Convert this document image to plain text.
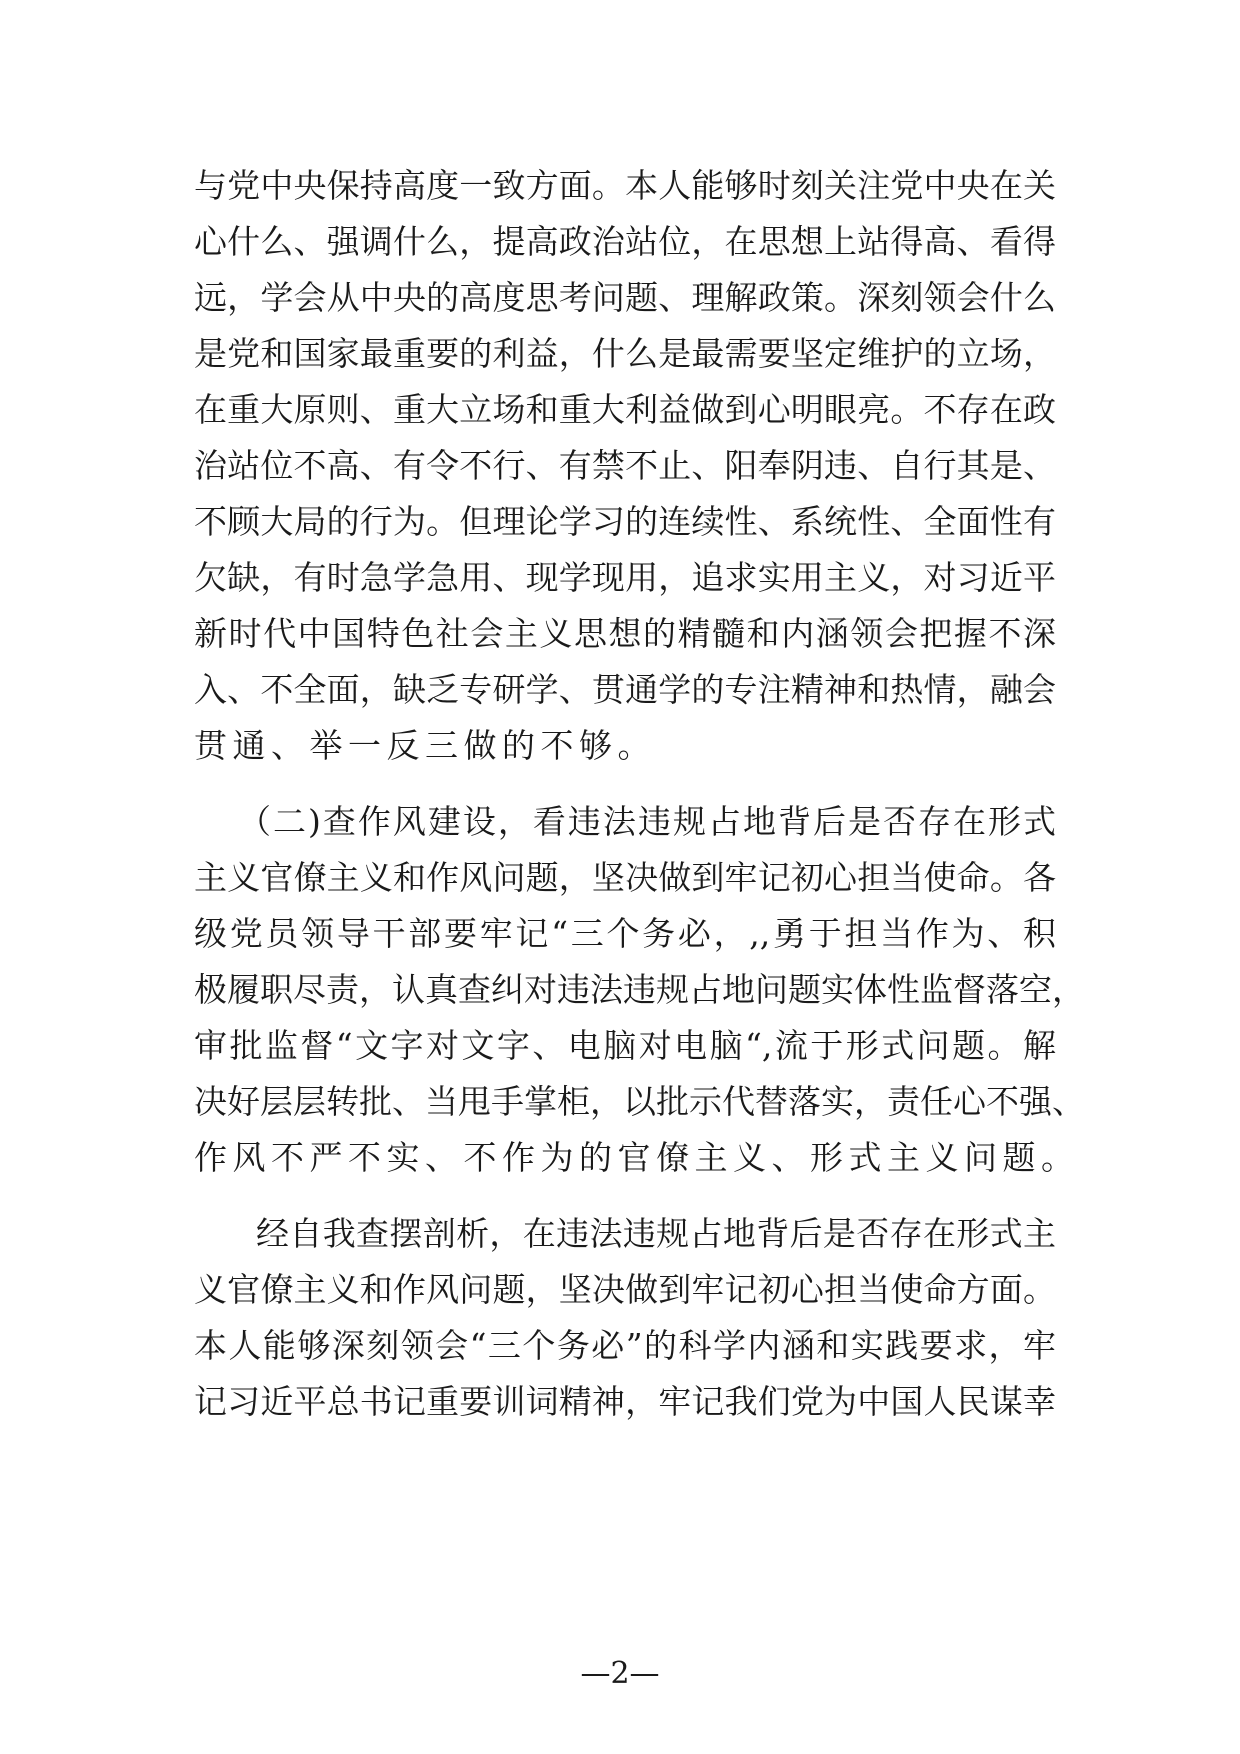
与党中央保持高度一致方面。本人能够时刻关注党中央在关
心什么、强调什么，提高政治站位，在思想上站得高、看得
远，学会从中央的高度思考问题、理解政策。深刻领会什么
是党和国家最重要的利益，什么是最需要坚定维护的立场，
在重大原则、重大立场和重大利益做到心明眼亮。不存在政
治站位不高、有令不行、有禁不止、阳奉阴违、自行其是、
不顾大局的行为。但理论学习的连续性、系统性、全面性有
欠缺，有时急学急用、现学现用，追求实用主义，对习近平
新时代中国特色社会主义思想的精髓和内涵领会把握不深
入、不全面，缺乏专研学、贯通学的专注精神和热情，融会
贯通、举一反三做的不够。
（二)查作风建设，看违法违规占地背后是否存在形式
主义官僚主义和作风问题，坚决做到牢记初心担当使命。各
级党员领导干部要牢记“三个务必，,,勇于担当作为、积
极履职尽责，认真查纠对违法违规占地问题实体性监督落空，
审批监督“文字对文字、电脑对电脑“,流于形式问题。解
决好层层转批、当甩手掌柜，以批示代替落实，责任心不强、
作风不严不实、不作为的官僚主义、形式主义问题。
经自我查摆剖析，在违法违规占地背后是否存在形式主
义官僚主义和作风问题，坚决做到牢记初心担当使命方面。
本人能够深刻领会“三个务必”的科学内涵和实践要求，牢
记习近平总书记重要训词精神，牢记我们党为中国人民谋幸
—2—
